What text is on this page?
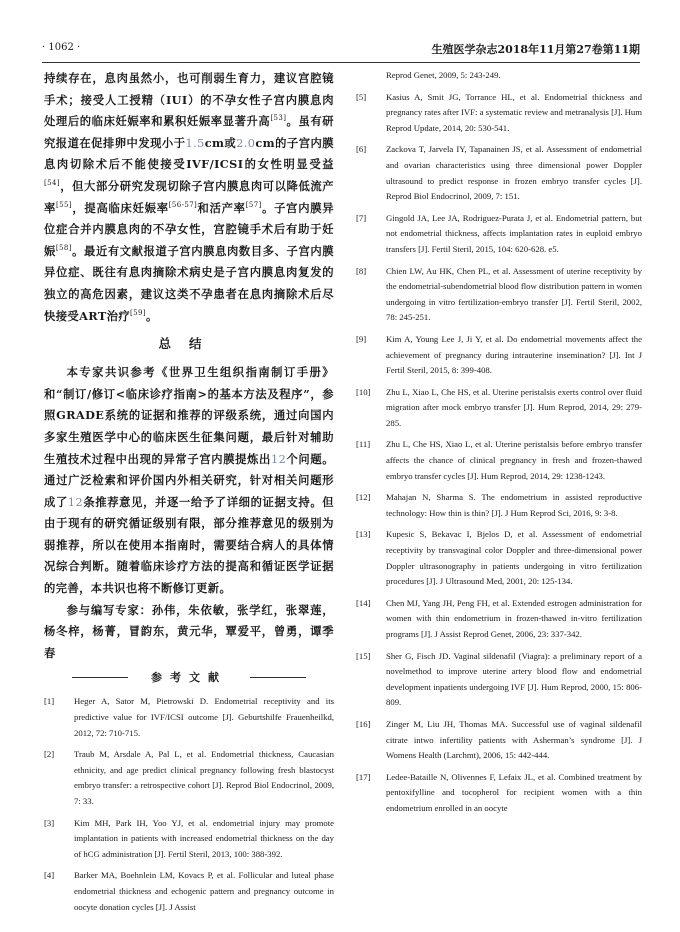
· 1062 ·	生殖医学杂志2018年11月第27卷第11期

持续存在，息肉虽然小，也可削弱生育力，建议宫腔镜手术；接受人工授精（IUI）的不孕女性子宫内膜息肉处理后的临床妊娠率和累积妊娠率显著升高[53]。虽有研究报道在促排卵中发现小于1.5cm或2.0cm的子宫内膜息肉切除术后不能使接受IVF/ICSI的女性明显受益[54]，但大部分研究发现切除子宫内膜息肉可以降低流产率[55]，提高临床妊娠率[56-57]和活产率[57]。子宫内膜异位症合并内膜息肉的不孕女性，宫腔镜手术后有助于妊娠[58]。最近有文献报道子宫内膜息肉数目多、子宫内膜异位症、既往有息肉摘除术病史是子宫内膜息肉复发的独立的高危因素，建议这类不孕患者在息肉摘除术后尽快接受ART治疗[59]。

总结

本专家共识参考《世界卫生组织指南制订手册》和“制订/修订<临床诊疗指南>的基本方法及程序”，参照GRADE系统的证据和推荐的评级系统，通过向国内多家生殖医学中心的临床医生征集问题，最后针对辅助生殖技术过程中出现的异常子宫内膜提炼出12个问题。通过广泛检索和评价国内外相关研究，针对相关问题形成了12条推荐意见，并逐一给予了详细的证据支持。但由于现有的研究循证级别有限，部分推荐意见的级别为弱推荐，所以在使用本指南时，需要结合病人的具体情况综合判断。随着临床诊疗方法的提高和循证医学证据的完善，本共识也将不断修订更新。

参与编写专家：孙伟，朱依敏，张学红，张翠莲，杨冬梓，杨菁，冒韵东，黄元华，覃爱平，曾勇，谭季春

参考文献
[1]	Heger A, Sator M, Pietrowski D. Endometrial receptivity and its predictive value for IVF/ICSI outcome [J]. Geburtshilfe Frauenheilkd, 2012, 72: 710-715.
[2]	Traub M, Arsdale A, Pal L, et al. Endometrial thickness, Caucasian ethnicity, and age predict clinical pregnancy following fresh blastocyst embryo transfer: a retrospective cohort [J]. Reprod Biol Endocrinol, 2009, 7: 33.
[3]	Kim MH, Park IH, Yoo YJ, et al. endometrial injury may promote implantation in patients with increased endometrial thickness on the day of hCG administration [J]. Fertil Steril, 2013, 100: 388-392.
[4]	Barker MA, Boehnlein LM, Kovacs P, et al. Follicular and luteal phase endometrial thickness and echogenic pattern and pregnancy outcome in oocyte donation cycles [J]. J Assist
Reprod Genet, 2009, 5: 243-249.
[5]	Kasius A, Smit JG, Torrance HL, et al. Endometrial thickness and pregnancy rates after IVF: a systematic review and metranalysis [J]. Hum Reprod Update, 2014, 20: 530-541.
[6]	Zackova T, Jarvela IY, Tapanainen JS, et al. Assessment of endometrial and ovarian characteristics using three dimensional power Doppler ultrasound to predict response in frozen embryo transfer cycles [J]. Reprod Biol Endocrinol, 2009, 7: 151.
[7]	Gingold JA, Lee JA, Rodriguez-Purata J, et al. Endometrial pattern, but not endometrial thickness, affects implantation rates in euploid embryo transfers [J]. Fertil Steril, 2015, 104: 620-628. e5.
[8]	Chien LW, Au HK, Chen PL, et al. Assessment of uterine receptivity by the endometrial-subendometrial blood flow distribution pattern in women undergoing in vitro fertilization-embryo transfer [J]. Fertil Steril, 2002, 78: 245-251.
[9]	Kim A, Young Lee J, Ji Y, et al. Do endometrial movements affect the achievement of pregnancy during intrauterine insemination? [J]. Int J Fertil Steril, 2015, 8: 399-408.
[10]	Zhu L, Xiao L, Che HS, et al. Uterine peristalsis exerts control over fluid migration after mock embryo transfer [J]. Hum Reprod, 2014, 29: 279-285.
[11]	Zhu L, Che HS, Xiao L, et al. Uterine peristalsis before embryo transfer affects the chance of clinical pregnancy in fresh and frozen-thawed embryo transfer cycles [J]. Hum Reprod, 2014, 29: 1238-1243.
[12]	Mahajan N, Sharma S. The endometrium in assisted reproductive technology: How thin is thin? [J]. J Hum Reprod Sci, 2016, 9: 3-8.
[13]	Kupesic S, Bekavac I, Bjelos D, et al. Assessment of endometrial receptivity by transvaginal color Doppler and three-dimensional power Doppler ultrasonography in patients undergoing in vitro fertilization procedures [J]. J Ultrasound Med, 2001, 20: 125-134.
[14]	Chen MJ, Yang JH, Peng FH, et al. Extended estrogen administration for women with thin endometrium in frozen-thawed in-vitro fertilization programs [J]. J Assist Reprod Genet, 2006, 23: 337-342.
[15]	Sher G, Fisch JD. Vaginal sildenafil (Viagra): a preliminary report of a novelmethod to improve uterine artery blood flow and endometrial development inpatients undergoing IVF [J]. Hum Reprod, 2000, 15: 806-809.
[16]	Zinger M, Liu JH, Thomas MA. Successful use of vaginal sildenafil citrate intwo infertility patients with Asherman’s syndrome [J]. J Womens Health (Larchmt), 2006, 15: 442-444.
[17]	Ledee-Bataille N, Olivennes F, Lefaix JL, et al. Combined treatment by pentoxifylline and tocopherol for recipient women with a thin endometrium enrolled in an oocyte
